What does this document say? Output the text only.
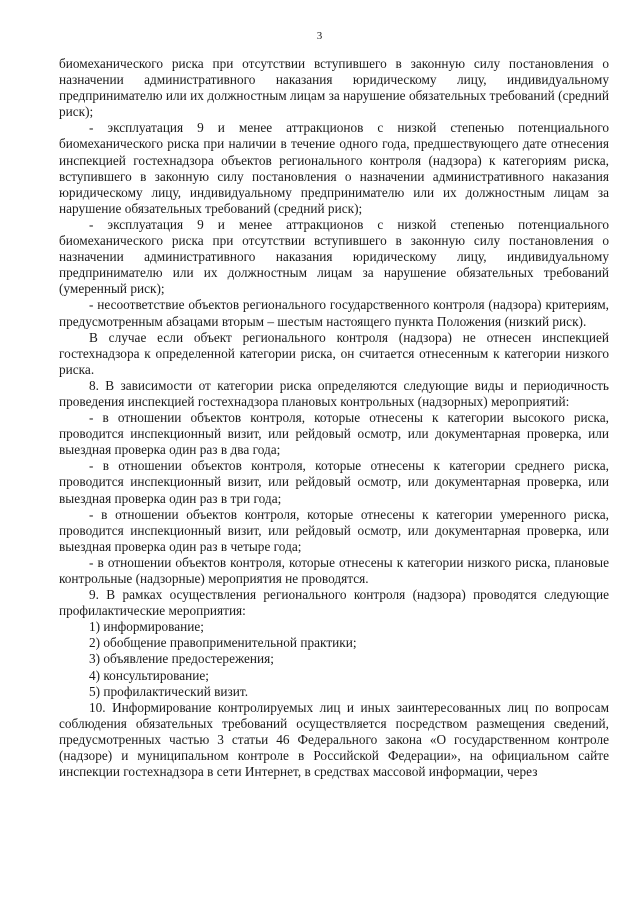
3

биомеханического риска при отсутствии вступившего в законную силу постановления о назначении административного наказания юридическому лицу, индивидуальному предпринимателю или их должностным лицам за нарушение обязательных требований (средний риск);

- эксплуатация 9 и менее аттракционов с низкой степенью потенциального биомеханического риска при наличии в течение одного года, предшествующего дате отнесения инспекцией гостехнадзора объектов регионального контроля (надзора) к категориям риска, вступившего в законную силу постановления о назначении административного наказания юридическому лицу, индивидуальному предпринимателю или их должностным лицам за нарушение обязательных требований (средний риск);

- эксплуатация 9 и менее аттракционов с низкой степенью потенциального биомеханического риска при отсутствии вступившего в законную силу постановления о назначении административного наказания юридическому лицу, индивидуальному предпринимателю или их должностным лицам за нарушение обязательных требований (умеренный риск);

- несоответствие объектов регионального государственного контроля (надзора) критериям, предусмотренным абзацами вторым – шестым настоящего пункта Положения (низкий риск).

В случае если объект регионального контроля (надзора) не отнесен инспекцией гостехнадзора к определенной категории риска, он считается отнесенным к категории низкого риска.

8. В зависимости от категории риска определяются следующие виды и периодичность проведения инспекцией гостехнадзора плановых контрольных (надзорных) мероприятий:

- в отношении объектов контроля, которые отнесены к категории высокого риска, проводится инспекционный визит, или рейдовый осмотр, или документарная проверка, или выездная проверка один раз в два года;

- в отношении объектов контроля, которые отнесены к категории среднего риска, проводится инспекционный визит, или рейдовый осмотр, или документарная проверка, или выездная проверка один раз в три года;

- в отношении объектов контроля, которые отнесены к категории умеренного риска, проводится инспекционный визит, или рейдовый осмотр, или документарная проверка, или выездная проверка один раз в четыре года;

- в отношении объектов контроля, которые отнесены к категории низкого риска, плановые контрольные (надзорные) мероприятия не проводятся.

9. В рамках осуществления регионального контроля (надзора) проводятся следующие профилактические мероприятия:

1) информирование;

2) обобщение правоприменительной практики;

3) объявление предостережения;

4) консультирование;

5) профилактический визит.

10. Информирование контролируемых лиц и иных заинтересованных лиц по вопросам соблюдения обязательных требований осуществляется посредством размещения сведений, предусмотренных частью 3 статьи 46 Федерального закона «О государственном контроле (надзоре) и муниципальном контроле в Российской Федерации», на официальном сайте инспекции гостехнадзора в сети Интернет, в средствах массовой информации, через
